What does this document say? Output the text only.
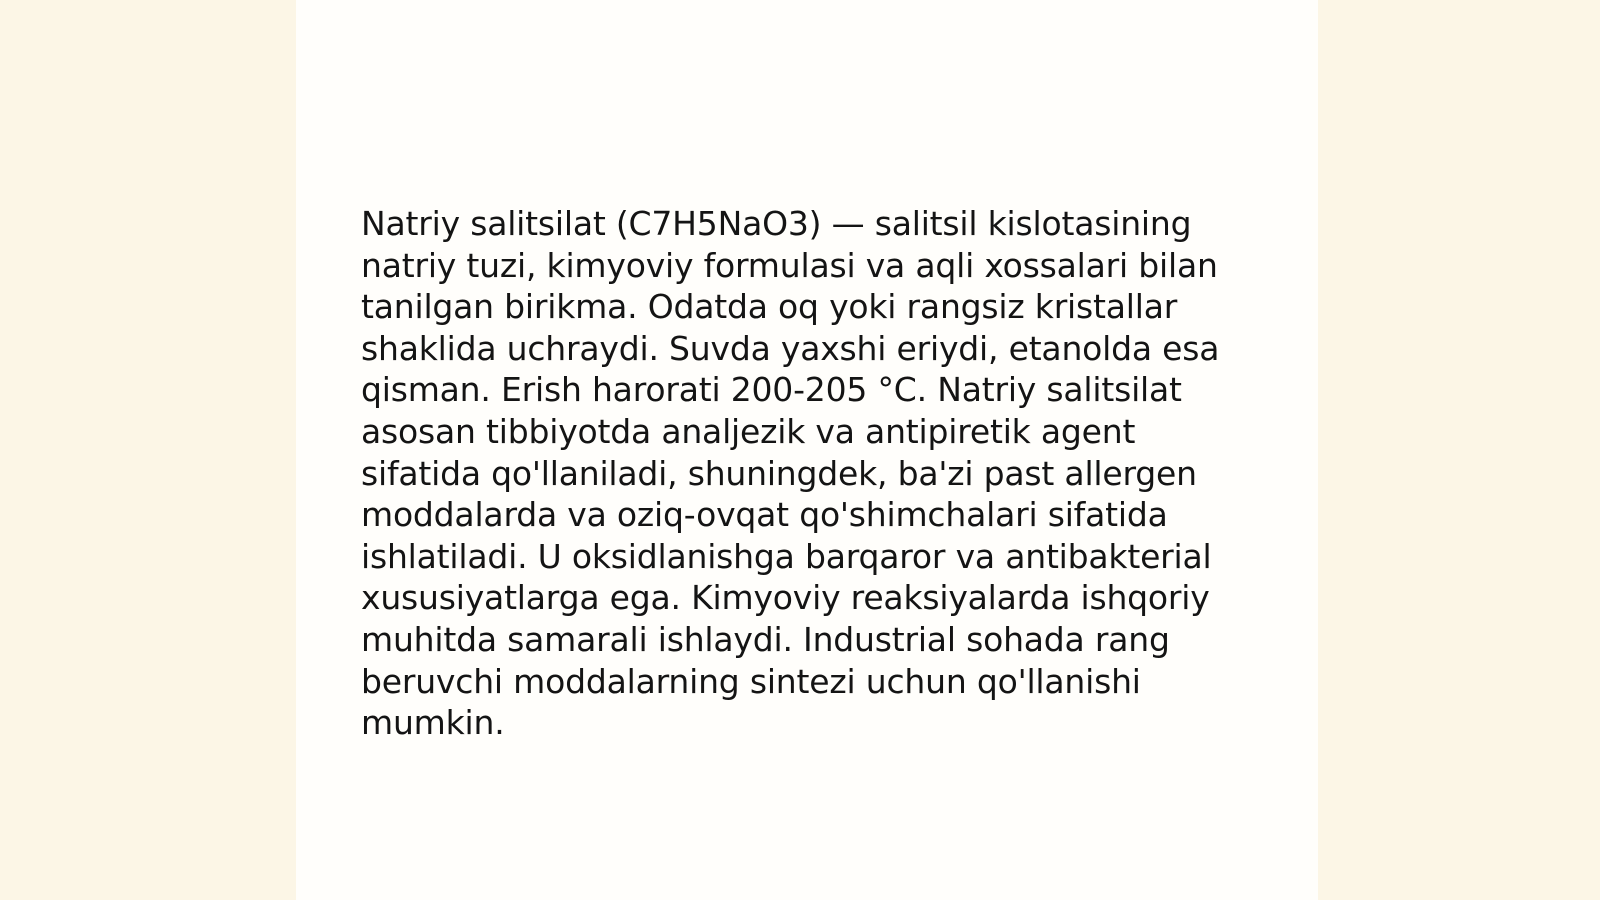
Natriy salitsilat (C7H5NaO3) — salitsil kislotasining natriy tuzi, kimyoviy formulasi va aqli xossalari bilan tanilgan birikma. Odatda oq yoki rangsiz kristallar shaklida uchraydi. Suvda yaxshi eriydi, etanolda esa qisman. Erish harorati 200-205 °C. Natriy salitsilat asosan tibbiyotda analjezik va antipiretik agent sifatida qo'llaniladi, shuningdek, ba'zi past allergen moddalarda va oziq-ovqat qo'shimchalari sifatida ishlatiladi. U oksidlanishga barqaror va antibakterial xususiyatlarga ega. Kimyoviy reaksiyalarda ishqoriy muhitda samarali ishlaydi. Industrial sohada rang beruvchi moddalarning sintezi uchun qo'llanishi mumkin.
